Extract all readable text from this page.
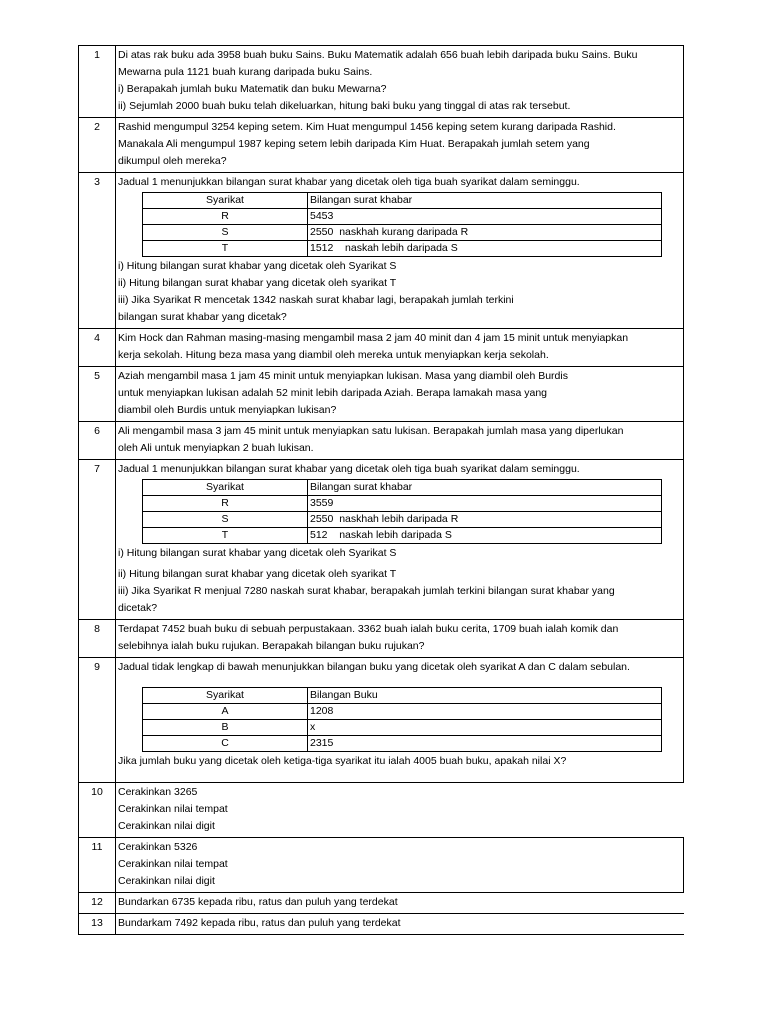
1	Di atas rak buku ada 3958 buah buku Sains. Buku Matematik adalah 656 buah lebih daripada buku Sains. Buku
Mewarna pula 1121 buah kurang daripada buku Sains.
i) Berapakah jumlah buku Matematik dan buku Mewarna?
ii) Sejumlah 2000 buah buku telah dikeluarkan, hitung baki buku yang tinggal di atas rak tersebut.
2	Rashid mengumpul 3254 keping setem. Kim Huat mengumpul 1456 keping setem kurang daripada Rashid.
Manakala Ali mengumpul 1987 keping setem lebih daripada Kim Huat. Berapakah jumlah setem yang
dikumpul oleh mereka?
3	Jadual 1 menunjukkan bilangan surat khabar yang dicetak oleh tiga buah syarikat dalam seminggu.
Syarikat	Bilangan surat khabar
R	5453
S	2550  naskhah kurang daripada R
T	1512    naskah lebih daripada S
i) Hitung bilangan surat khabar yang dicetak oleh Syarikat S
ii) Hitung bilangan surat khabar yang dicetak oleh syarikat T
iii) Jika Syarikat R mencetak 1342 naskah surat khabar lagi, berapakah jumlah terkini
bilangan surat khabar yang dicetak?
4	Kim Hock dan Rahman masing-masing mengambil masa 2 jam 40 minit dan 4 jam 15 minit untuk menyiapkan
kerja sekolah. Hitung beza masa yang diambil oleh mereka untuk menyiapkan kerja sekolah.
5	Aziah mengambil masa 1 jam 45 minit untuk menyiapkan lukisan. Masa yang diambil oleh Burdis
untuk menyiapkan lukisan adalah 52 minit lebih daripada Aziah. Berapa lamakah masa yang
diambil oleh Burdis untuk menyiapkan lukisan?
6	Ali mengambil masa 3 jam 45 minit untuk menyiapkan satu lukisan. Berapakah jumlah masa yang diperlukan
oleh Ali untuk menyiapkan 2 buah lukisan.
7	Jadual 1 menunjukkan bilangan surat khabar yang dicetak oleh tiga buah syarikat dalam seminggu.
Syarikat	Bilangan surat khabar
R	3559
S	2550  naskhah lebih daripada R
T	512    naskah lebih daripada S
i) Hitung bilangan surat khabar yang dicetak oleh Syarikat S
ii) Hitung bilangan surat khabar yang dicetak oleh syarikat T
iii) Jika Syarikat R menjual 7280 naskah surat khabar, berapakah jumlah terkini bilangan surat khabar yang
dicetak?
8	Terdapat 7452 buah buku di sebuah perpustakaan. 3362 buah ialah buku cerita, 1709 buah ialah komik dan
selebihnya ialah buku rujukan. Berapakah bilangan buku rujukan?
9	Jadual tidak lengkap di bawah menunjukkan bilangan buku yang dicetak oleh syarikat A dan C dalam sebulan.
Syarikat	Bilangan Buku
A	1208
B	x
C	2315
Jika jumlah buku yang dicetak oleh ketiga-tiga syarikat itu ialah 4005 buah buku, apakah nilai X?
10	Cerakinkan 3265
Cerakinkan nilai tempat
Cerakinkan nilai digit
11	Cerakinkan 5326
Cerakinkan nilai tempat
Cerakinkan nilai digit
12	Bundarkan 6735 kepada ribu, ratus dan puluh yang terdekat
13	Bundarkam 7492 kepada ribu, ratus dan puluh yang terdekat
